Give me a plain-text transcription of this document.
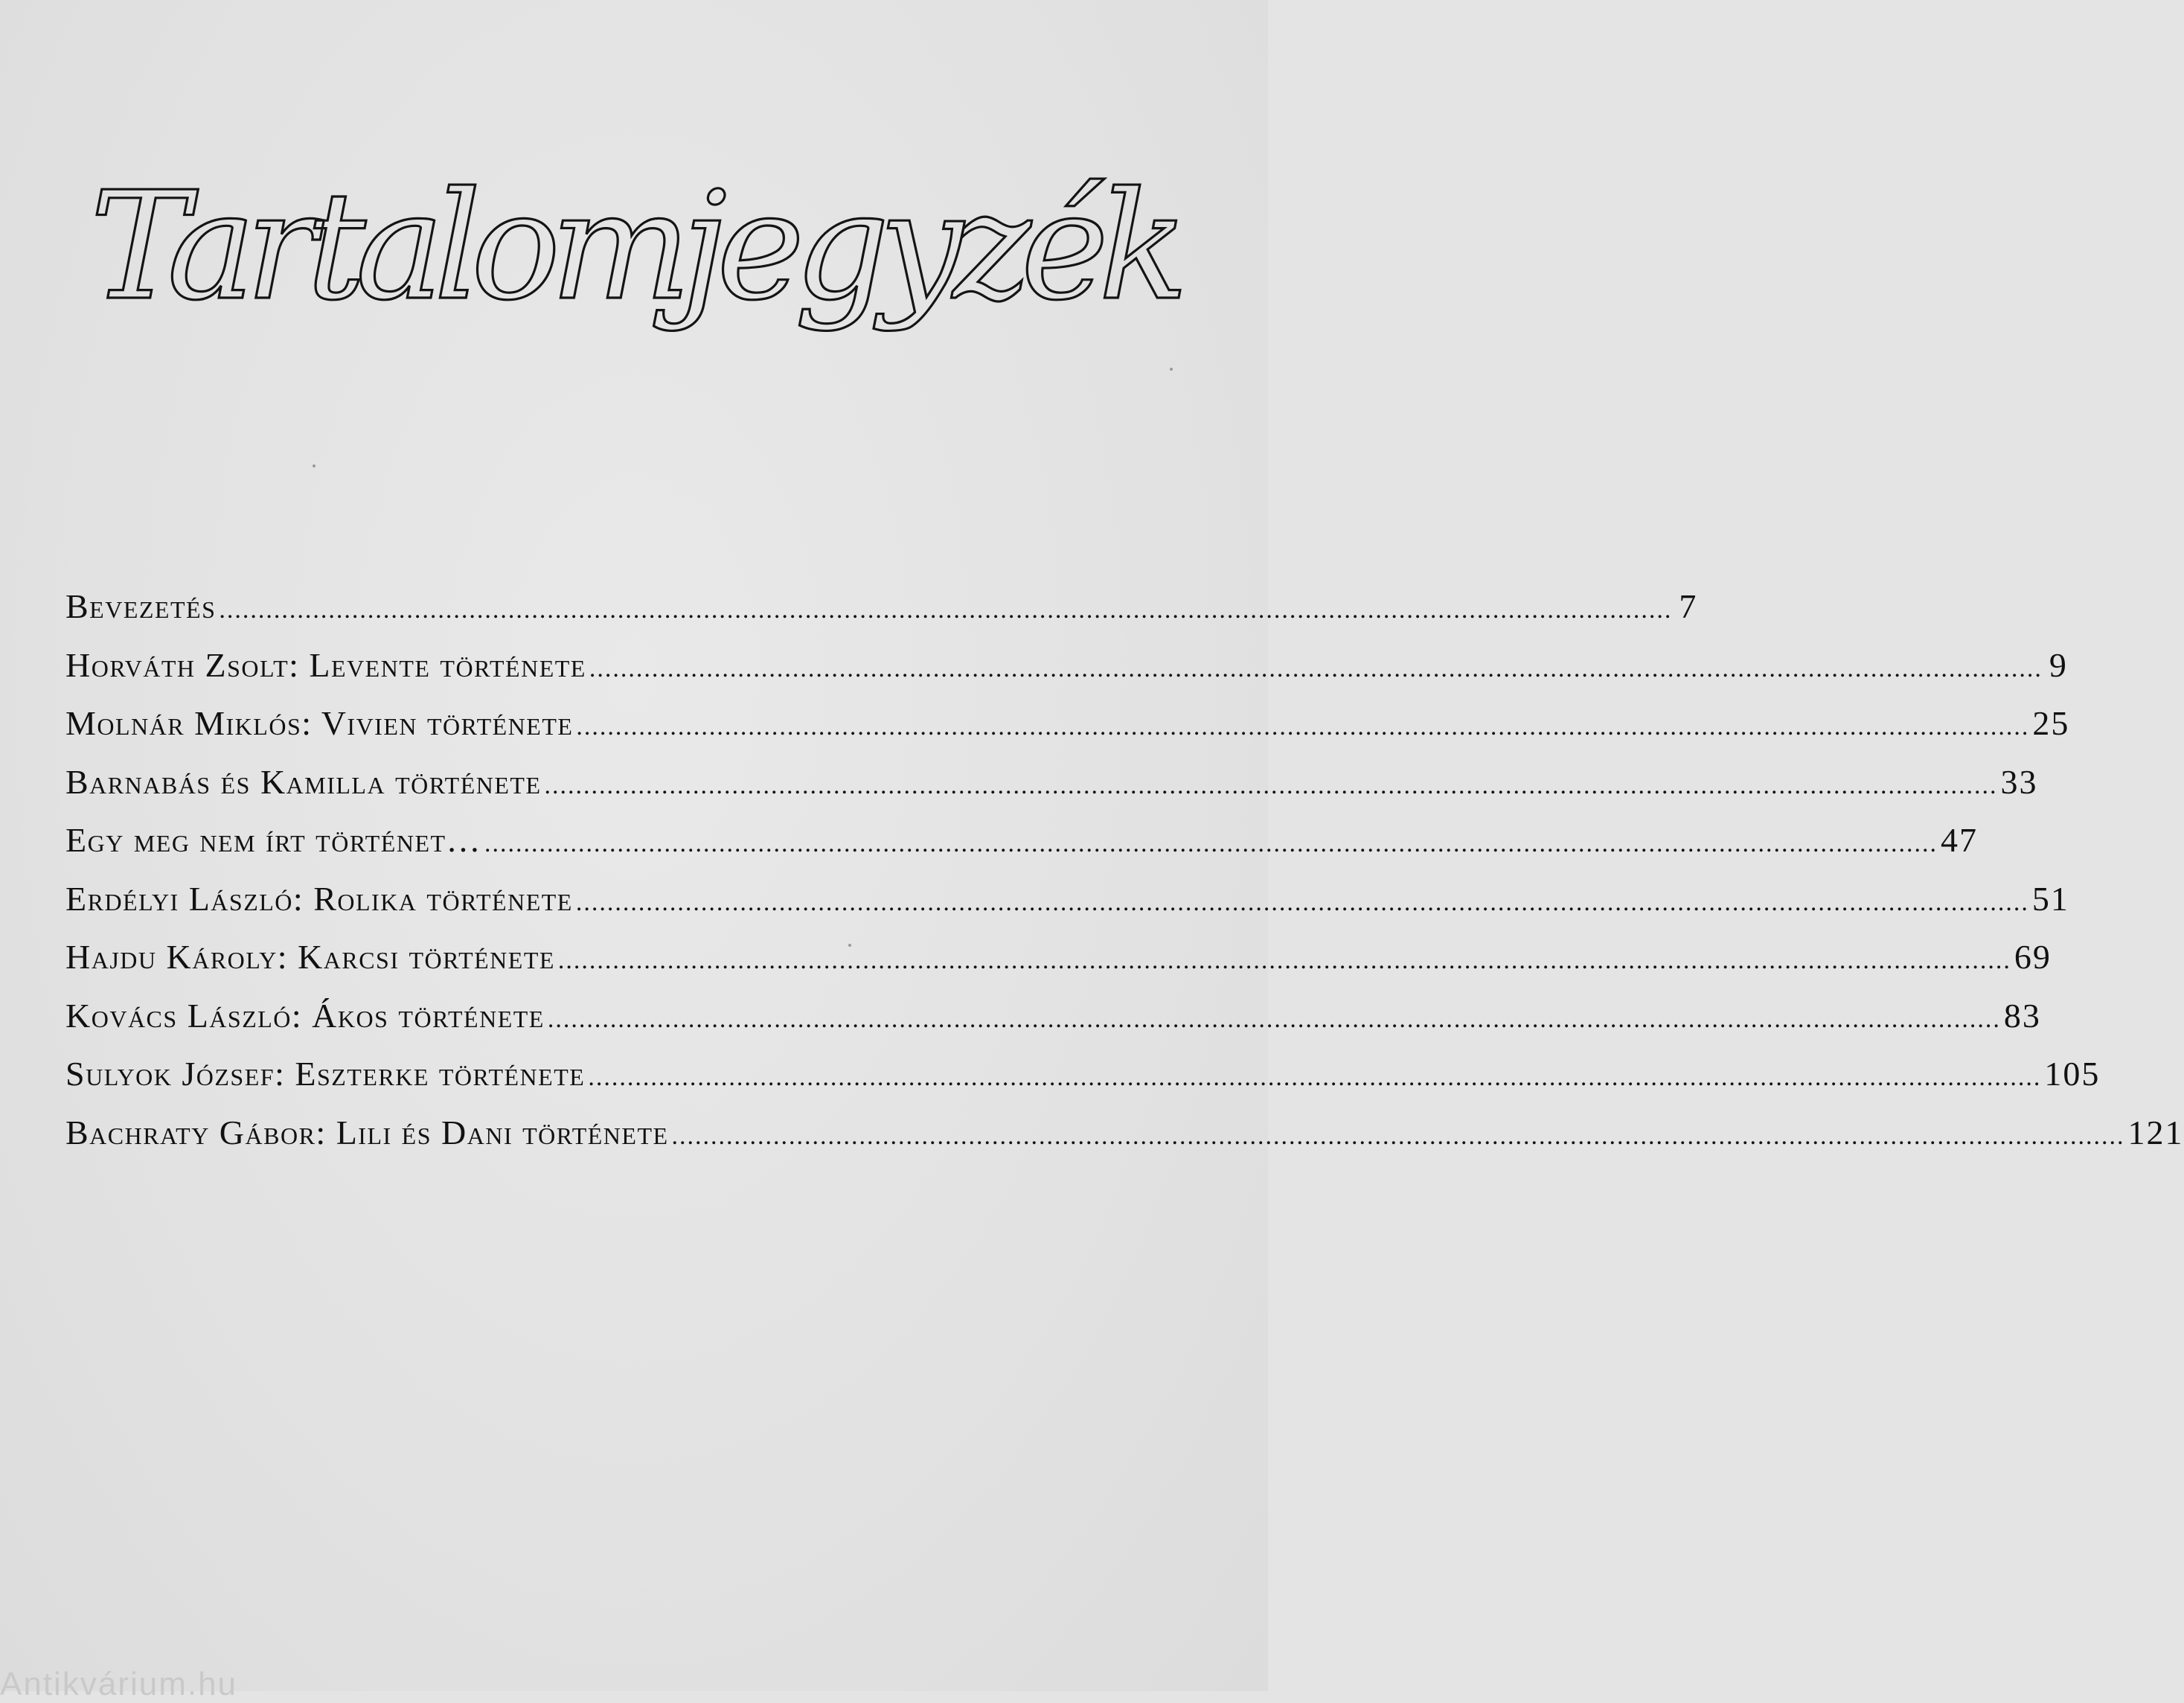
Tartalomjegyzék
Bevezetés .....	7
Horváth Zsolt: Levente története .....	9
Molnár Miklós: Vivien története .....	25
Barnabás és Kamilla története .....	33
Egy meg nem írt történet… .....	47
Erdélyi László: Rolika története .....	51
Hajdu Károly: Karcsi története .....	69
Kovács László: Ákos története .....	83
Sulyok József: Eszterke története .....	105
Bachraty Gábor: Lili és Dani története .....	121
Antikvárium.hu
